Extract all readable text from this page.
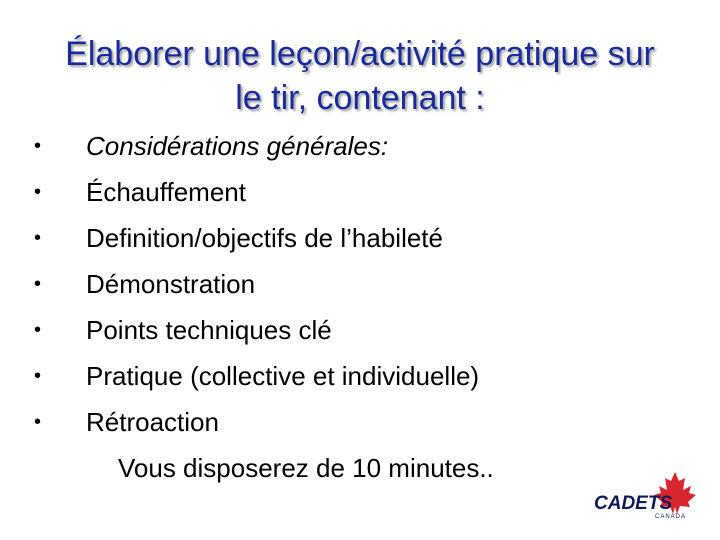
Élaborer une leçon/activité pratique sur
le tir, contenant :
• Considérations générales:
• Échauffement
• Definition/objectifs de l’habileté
• Démonstration
• Points techniques clé
• Pratique (collective et individuelle)
• Rétroaction
Vous disposerez de 10 minutes..
CADETS
CANADA
